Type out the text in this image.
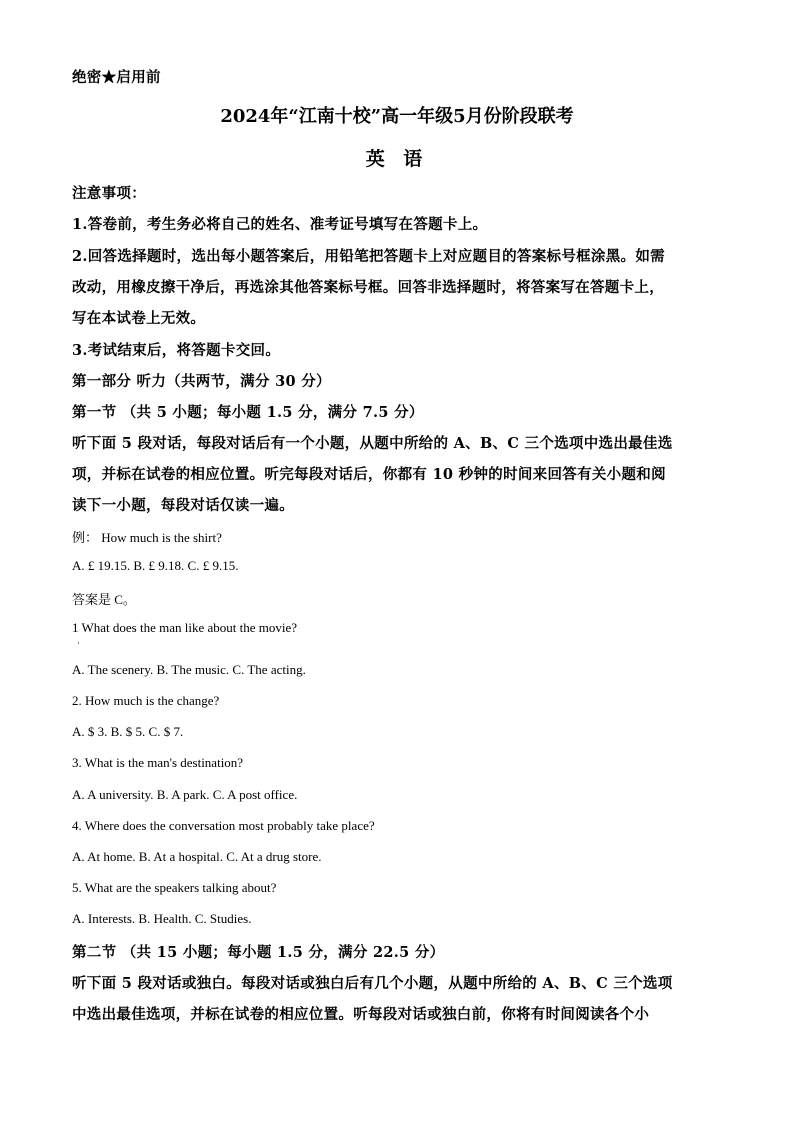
绝密★启用前
2024年“江南十校”高一年级5月份阶段联考
英 语
注意事项：
1.答卷前，考生务必将自己的姓名、准考证号填写在答题卡上。
2.回答选择题时，选出每小题答案后，用铅笔把答题卡上对应题目的答案标号框涂黑。如需
改动，用橡皮擦干净后，再选涂其他答案标号框。回答非选择题时，将答案写在答题卡上，
写在本试卷上无效。
3.考试结束后，将答题卡交回。
第一部分 听力（共两节，满分 30 分）
第一节 （共 5 小题；每小题 1.5 分，满分 7.5 分）
听下面 5 段对话，每段对话后有一个小题，从题中所给的 A、B、C 三个选项中选出最佳选
项，并标在试卷的相应位置。听完每段对话后，你都有 10 秒钟的时间来回答有关小题和阅
读下一小题，每段对话仅读一遍。
例： How much is the shirt?
A. £ 19.15. B. £ 9.18. C. £ 9.15.
答案是 C。
1 What does the man like about the movie?
·
A. The scenery. B. The music. C. The acting.
2. How much is the change?
A. $ 3. B. $ 5. C. $ 7.
3. What is the man's destination?
A. A university. B. A park. C. A post office.
4. Where does the conversation most probably take place?
A. At home. B. At a hospital. C. At a drug store.
5. What are the speakers talking about?
A. Interests. B. Health. C. Studies.
第二节 （共 15 小题；每小题 1.5 分，满分 22.5 分）
听下面 5 段对话或独白。每段对话或独白后有几个小题，从题中所给的 A、B、C 三个选项
中选出最佳选项，并标在试卷的相应位置。听每段对话或独白前，你将有时间阅读各个小
